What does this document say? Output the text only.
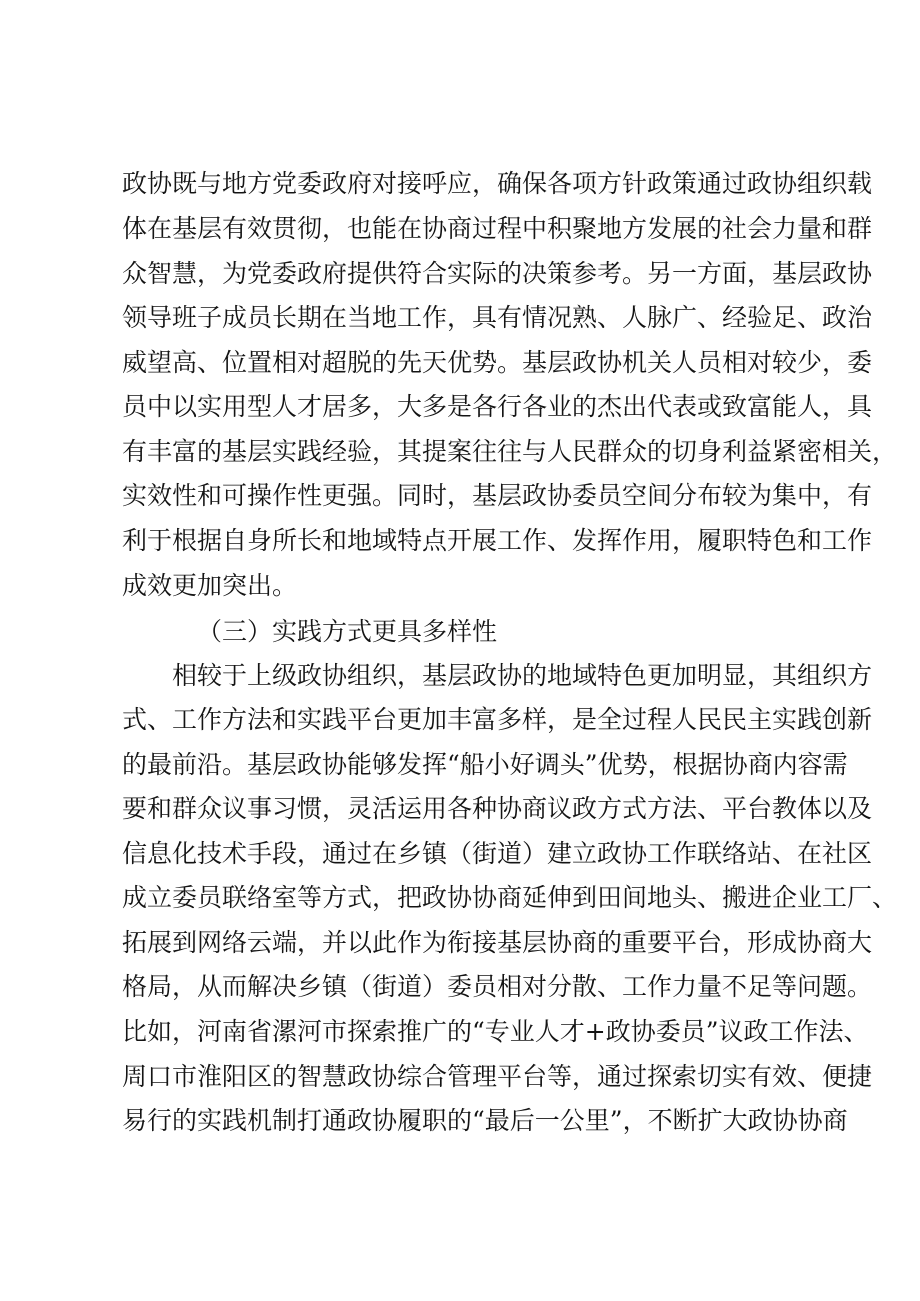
政协既与地方党委政府对接呼应，确保各项方针政策通过政协组织载
体在基层有效贯彻，也能在协商过程中积聚地方发展的社会力量和群
众智慧，为党委政府提供符合实际的决策参考。另一方面，基层政协
领导班子成员长期在当地工作，具有情况熟、人脉广、经验足、政治
威望高、位置相对超脱的先天优势。基层政协机关人员相对较少，委
员中以实用型人才居多，大多是各行各业的杰出代表或致富能人，具
有丰富的基层实践经验，其提案往往与人民群众的切身利益紧密相关，
实效性和可操作性更强。同时，基层政协委员空间分布较为集中，有
利于根据自身所长和地域特点开展工作、发挥作用，履职特色和工作
成效更加突出。
（三）实践方式更具多样性
相较于上级政协组织，基层政协的地域特色更加明显，其组织方
式、工作方法和实践平台更加丰富多样，是全过程人民民主实践创新
的最前沿。基层政协能够发挥“船小好调头”优势，根据协商内容需
要和群众议事习惯，灵活运用各种协商议政方式方法、平台教体以及
信息化技术手段，通过在乡镇（街道）建立政协工作联络站、在社区
成立委员联络室等方式，把政协协商延伸到田间地头、搬进企业工厂、
拓展到网络云端，并以此作为衔接基层协商的重要平台，形成协商大
格局，从而解决乡镇（街道）委员相对分散、工作力量不足等问题。
比如，河南省漯河市探索推广的“专业人才+政协委员”议政工作法、
周口市淮阳区的智慧政协综合管理平台等，通过探索切实有效、便捷
易行的实践机制打通政协履职的“最后一公里”，不断扩大政协协商
